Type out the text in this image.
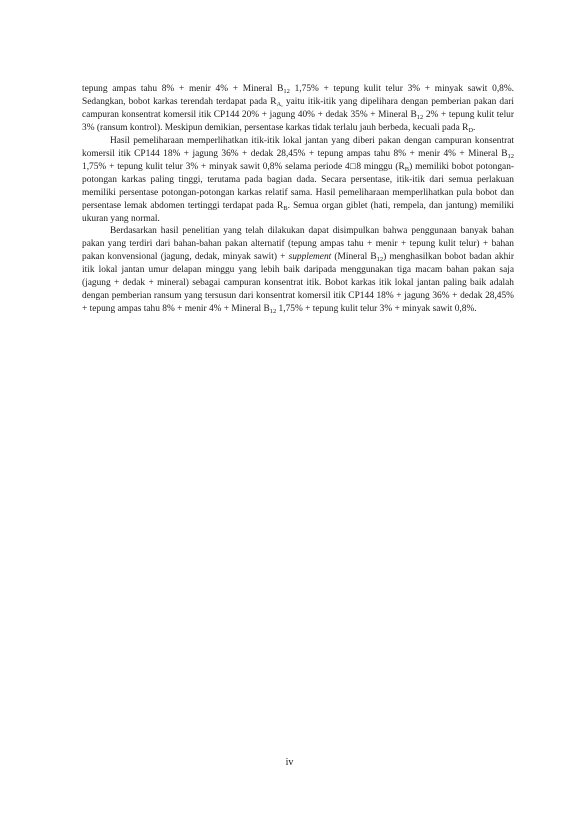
tepung ampas tahu 8% + menir 4% + Mineral $B_{12}$ 1,75% + tepung kulit telur 3% + minyak sawit 0,8%. Sedangkan, bobot karkas terendah terdapat pada $R_{A,}$ yaitu itik-itik yang dipelihara dengan pemberian pakan dari campuran konsentrat komersil itik CP144 20% + jagung 40% + dedak 35% + Mineral $B_{12}$ 2% + tepung kulit telur 3% (ransum kontrol). Meskipun demikian, persentase karkas tidak terlalu jauh berbeda, kecuali pada $R_D$.

Hasil pemeliharaan memperlihatkan itik-itik lokal jantan yang diberi pakan dengan campuran konsentrat komersil itik CP144 18% + jagung 36% + dedak 28,45% + tepung ampas tahu 8% + menir 4% + Mineral $B_{12}$ 1,75% + tepung kulit telur 3% + minyak sawit 0,8% selama periode 4□8 minggu $(R_B)$ memiliki bobot potongan-potongan karkas paling tinggi, terutama pada bagian dada. Secara persentase, itik-itik dari semua perlakuan memiliki persentase potongan-potongan karkas relatif sama. Hasil pemeliharaan memperlihatkan pula bobot dan persentase lemak abdomen tertinggi terdapat pada $R_B$. Semua organ giblet (hati, rempela, dan jantung) memiliki ukuran yang normal.

Berdasarkan hasil penelitian yang telah dilakukan dapat disimpulkan bahwa penggunaan banyak bahan pakan yang terdiri dari bahan-bahan pakan alternatif (tepung ampas tahu + menir + tepung kulit telur) + bahan pakan konvensional (jagung, dedak, minyak sawit) + supplement (Mineral $B_{12}$) menghasilkan bobot badan akhir itik lokal jantan umur delapan minggu yang lebih baik daripada menggunakan tiga macam bahan pakan saja (jagung + dedak + mineral) sebagai campuran konsentrat itik. Bobot karkas itik lokal jantan paling baik adalah dengan pemberian ransum yang tersusun dari konsentrat komersil itik CP144 18% + jagung 36% + dedak 28,45% + tepung ampas tahu 8% + menir 4% + Mineral $B_{12}$ 1,75% + tepung kulit telur 3% + minyak sawit 0,8%.

iv
